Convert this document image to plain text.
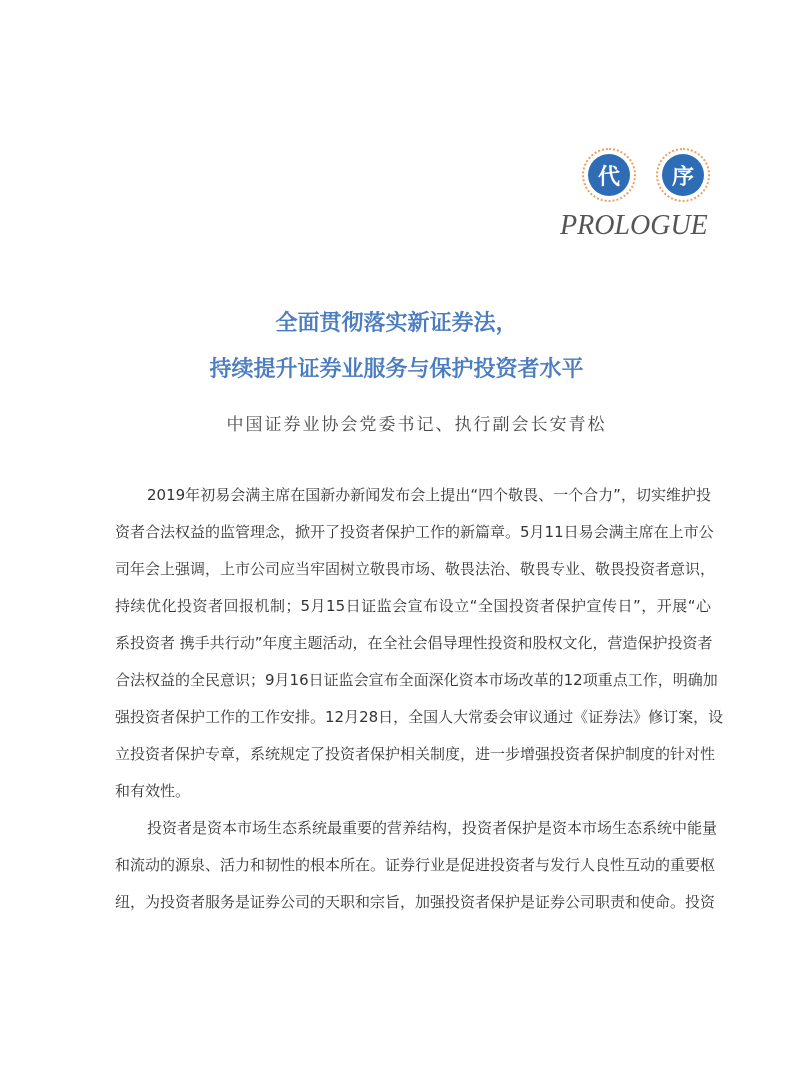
代	序
PROLOGUE
全面贯彻落实新证券法，
持续提升证券业服务与保护投资者水平
中国证券业协会党委书记、执行副会长安青松
2019年初易会满主席在国新办新闻发布会上提出“四个敬畏、一个合力”，切实维护投
资者合法权益的监管理念，掀开了投资者保护工作的新篇章。5月11日易会满主席在上市公
司年会上强调，上市公司应当牢固树立敬畏市场、敬畏法治、敬畏专业、敬畏投资者意识，
持续优化投资者回报机制；5月15日证监会宣布设立“全国投资者保护宣传日”，开展“心
系投资者 携手共行动”年度主题活动，在全社会倡导理性投资和股权文化，营造保护投资者
合法权益的全民意识；9月16日证监会宣布全面深化资本市场改革的12项重点工作，明确加
强投资者保护工作的工作安排。12月28日，全国人大常委会审议通过《证券法》修订案，设
立投资者保护专章，系统规定了投资者保护相关制度，进一步增强投资者保护制度的针对性
和有效性。
投资者是资本市场生态系统最重要的营养结构，投资者保护是资本市场生态系统中能量
和流动的源泉、活力和韧性的根本所在。证券行业是促进投资者与发行人良性互动的重要枢
纽，为投资者服务是证券公司的天职和宗旨，加强投资者保护是证券公司职责和使命。投资
